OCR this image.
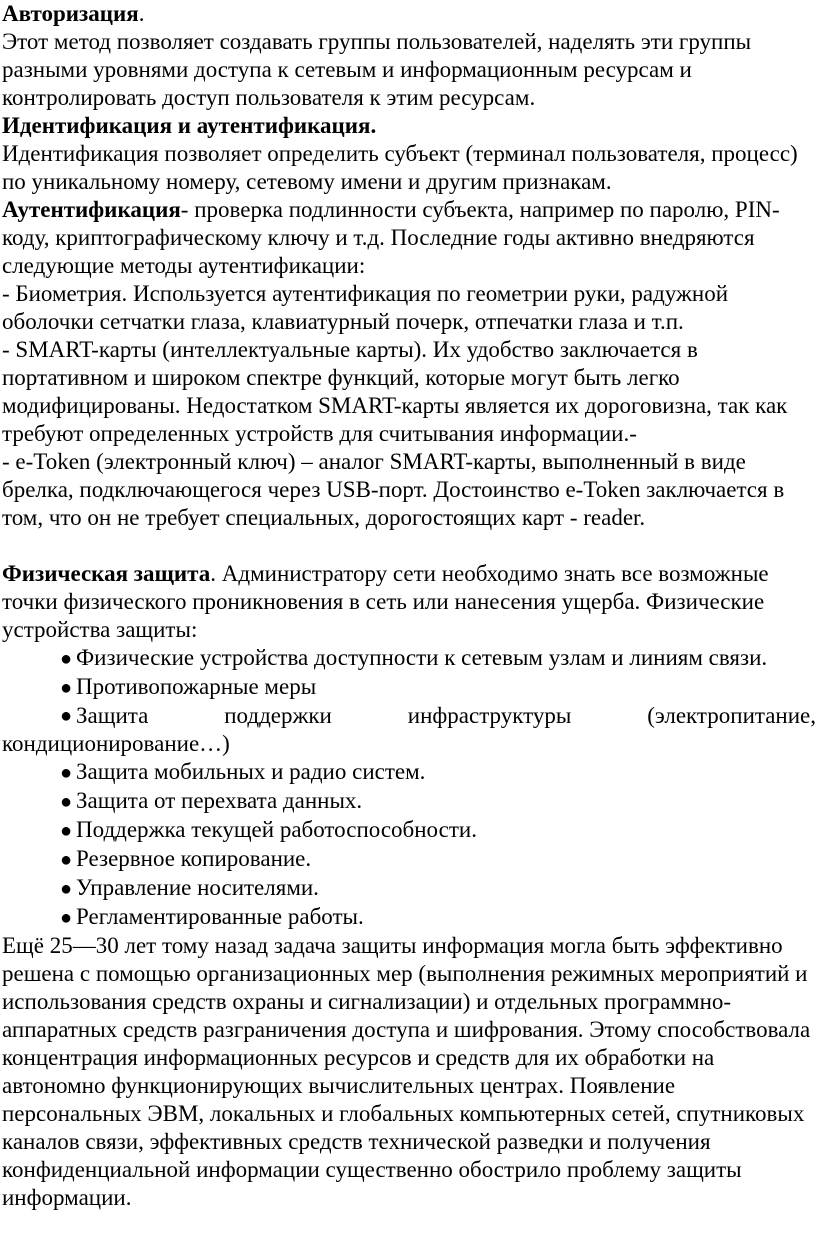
Авторизация.

Этот метод позволяет создавать группы пользователей, наделять эти группы разными уровнями доступа к сетевым и информационным ресурсам и контролировать доступ пользователя к этим ресурсам.

Идентификация и аутентификация.

Идентификация позволяет определить субъект (терминал пользователя, процесс) по уникальному номеру, сетевому имени и другим признакам.

Аутентификация- проверка подлинности субъекта, например по паролю, PIN-коду, криптографическому ключу и т.д. Последние годы активно внедряются следующие методы аутентификации:

- Биометрия. Используется аутентификация по геометрии руки, радужной оболочки сетчатки глаза, клавиатурный почерк, отпечатки глаза и т.п.

- SMART-карты (интеллектуальные карты). Их удобство заключается в портативном и широком спектре функций, которые могут быть легко модифицированы. Недостатком SMART-карты является их дороговизна, так как требуют определенных устройств для считывания информации.-

- e-Token (электронный ключ) – аналог SMART-карты, выполненный в виде брелка, подключающегося через USB-порт. Достоинство e-Token заключается в том, что он не требует специальных, дорогостоящих карт - reader.

Физическая защита. Администратору сети необходимо знать все возможные точки физического проникновения в сеть или нанесения ущерба. Физические устройства защиты:

● Физические устройства доступности к сетевым узлам и линиям связи.

● Противопожарные меры

● Защита	поддержки	инфраструктуры	(электропитание,

кондиционирование…)

● Защита мобильных и радио систем.

● Защита от перехвата данных.

● Поддержка текущей работоспособности.

● Резервное копирование.

● Управление носителями.

● Регламентированные работы.

Ещё 25—30 лет тому назад задача защиты информация могла быть эффективно решена с помощью организационных мер (выполнения режимных мероприятий и использования средств охраны и сигнализации) и отдельных программно-аппаратных средств разграничения доступа и шифрования. Этому способствовала концентрация информационных ресурсов и средств для их обработки на автономно функционирующих вычислительных центрах. Появление персональных ЭВМ, локальных и глобальных компьютерных сетей, спутниковых каналов связи, эффективных средств технической разведки и получения конфиденциальной информации существенно обострило проблему защиты информации.
